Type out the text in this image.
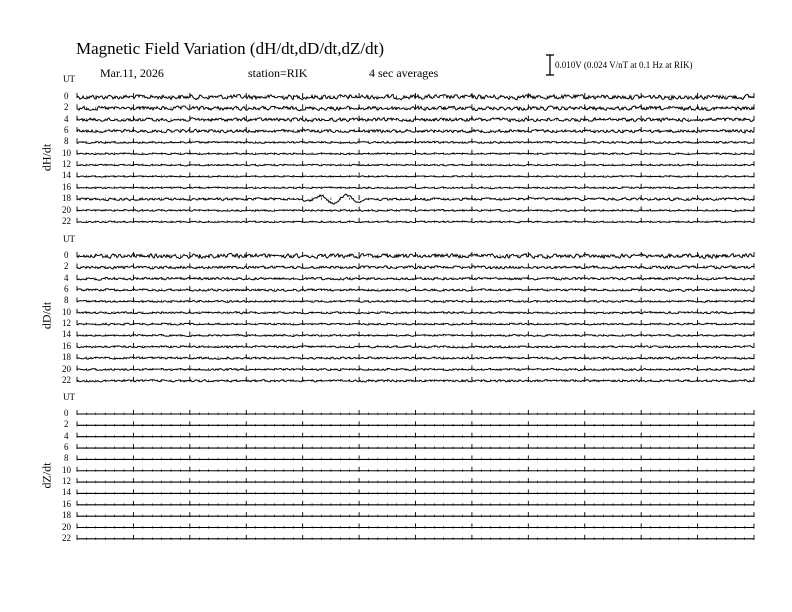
Magnetic Field Variation (dH/dt,dD/dt,dZ/dt)
Mar.11, 2026	station=RIK	4 sec averages
0.010V (0.024 V/nT at 0.1 Hz at RIK)
UT
dH/dt
0
2
4
6
8
10
12
14
16
18
20
22
UT
dD/dt
0
2
4
6
8
10
12
14
16
18
20
22
UT
dZ/dt
0
2
4
6
8
10
12
14
16
18
20
22
